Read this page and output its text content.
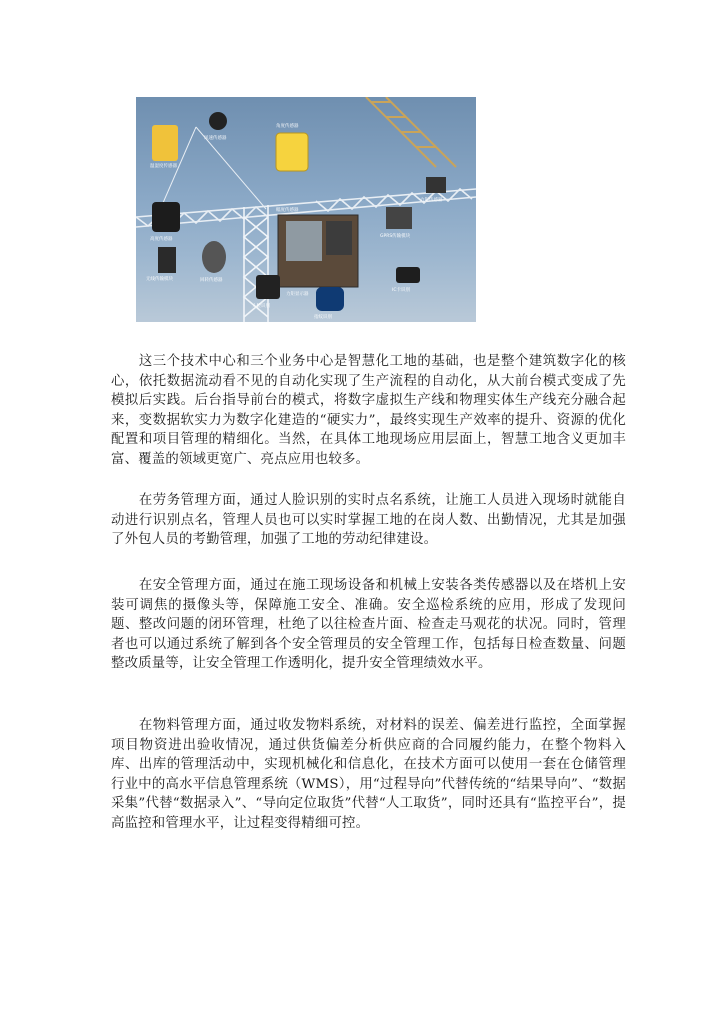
温湿度传感器
风速传感器
角度传感器
高度传感器
幅度传感器
无线传输模块	回转传感器
人脸识别
指纹识别
GPRS传输模块
IC卡识别
力矩传感器
力矩显示器

　　这三个技术中心和三个业务中心是智慧化工地的基础，也是整个建筑数字化的核心，依托数据流动看不见的自动化实现了生产流程的自动化，从大前台模式变成了先模拟后实践。后台指导前台的模式，将数字虚拟生产线和物理实体生产线充分融合起来，变数据软实力为数字化建造的“硬实力”，最终实现生产效率的提升、资源的优化配置和项目管理的精细化。当然，在具体工地现场应用层面上，智慧工地含义更加丰富、覆盖的领域更宽广、亮点应用也较多。

　　在劳务管理方面，通过人脸识别的实时点名系统，让施工人员进入现场时就能自动进行识别点名，管理人员也可以实时掌握工地的在岗人数、出勤情况，尤其是加强了外包人员的考勤管理，加强了工地的劳动纪律建设。

　　在安全管理方面，通过在施工现场设备和机械上安装各类传感器以及在塔机上安装可调焦的摄像头等，保障施工安全、准确。安全巡检系统的应用，形成了发现问题、整改问题的闭环管理，杜绝了以往检查片面、检查走马观花的状况。同时，管理者也可以通过系统了解到各个安全管理员的安全管理工作，包括每日检查数量、问题整改质量等，让安全管理工作透明化，提升安全管理绩效水平。

　　在物料管理方面，通过收发物料系统，对材料的误差、偏差进行监控，全面掌握项目物资进出验收情况，通过供货偏差分析供应商的合同履约能力，在整个物料入库、出库的管理活动中，实现机械化和信息化，在技术方面可以使用一套在仓储管理行业中的高水平信息管理系统（WMS），用“过程导向”代替传统的“结果导向”、“数据采集”代替“数据录入”、“导向定位取货”代替“人工取货”，同时还具有“监控平台”，提高监控和管理水平，让过程变得精细可控。
